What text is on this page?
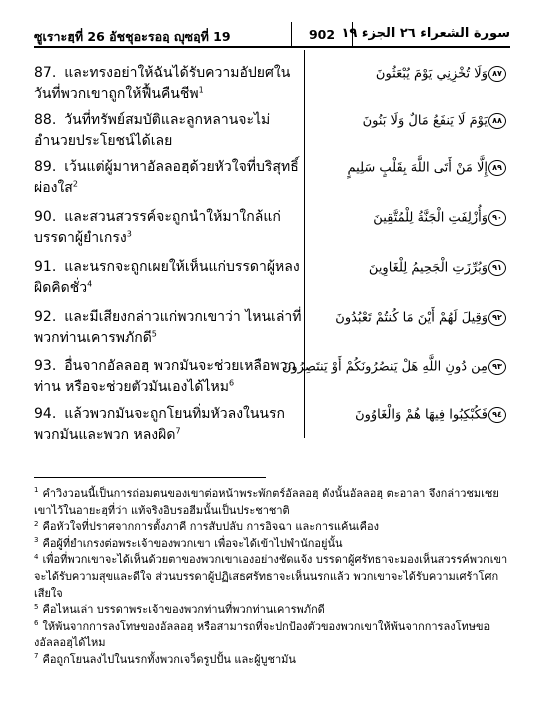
ซูเราะฮฺที่ 26 อัชชุอะรออฺ ญุซอฺที่ 19	902 سورة الشعراء ٢٦ الجزء ١٩
87. และทรงอย่าให้ฉันได้รับความอัปยศในวันที่พวกเขาถูกให้ฟื้นคืนชีพ$^1$
٨٧وَلَا تُخْزِنِي يَوْمَ يُبْعَثُونَ
88. วันที่ทรัพย์สมบัติและลูกหลานจะไม่อำนวยประโยชน์ได้เลย
٨٨يَوْمَ لَا يَنفَعُ مَالٌ وَلَا بَنُونَ
89. เว้นแต่ผู้มาหาอัลลอฮฺด้วยหัวใจที่บริสุทธิ์ผ่องใส$^2$
٨٩إِلَّا مَنْ أَتَى اللَّهَ بِقَلْبٍ سَلِيمٍ
90. และสวนสวรรค์จะถูกนำให้มาใกล้แก่บรรดาผู้ยำเกรง$^3$
٩٠وَأُزْلِفَتِ الْجَنَّةُ لِلْمُتَّقِينَ
91. และนรกจะถูกเผยให้เห็นแก่บรรดาผู้หลงผิดคิดชั่ว$^4$
٩١وَبُرِّزَتِ الْجَحِيمُ لِلْغَاوِينَ
92. และมีเสียงกล่าวแก่พวกเขาว่า ไหนเล่าที่พวกท่านเคารพภักดี$^5$
٩٢وَقِيلَ لَهُمْ أَيْنَ مَا كُنتُمْ تَعْبُدُونَ
93. อื่นจากอัลลอฮฺ พวกมันจะช่วยเหลือพวกท่าน หรือจะช่วยตัวมันเองได้ไหม$^6$
٩٣مِن دُونِ اللَّهِ هَلْ يَنصُرُونَكُمْ أَوْ يَنتَصِرُونَ
94. แล้วพวกมันจะถูกโยนทิ่มหัวลงในนรกพวกมันและพวก หลงผิด$^7$
٩٤فَكُبْكِبُوا فِيهَا هُمْ وَالْغَاوُونَ

$^1$ คำวิงวอนนี้เป็นการถ่อมตนของเขาต่อหน้าพระพักตร์อัลลอฮฺ ดังนั้นอัลลอฮฺ ตะอาลา จึงกล่าวชมเชยเขาไว้ในอายะฮฺที่ว่า แท้จริงอิบรอฮีมนั้นเป็นประชาชาติ

$^2$ คือหัวใจที่ปราศจากการตั้งภาคี การสับปลับ การอิจฉา และการแค้นเคือง

$^3$ คือผู้ที่ยำเกรงต่อพระเจ้าของพวกเขา เพื่อจะได้เข้าไปพำนักอยู่นั้น

$^4$ เพื่อที่พวกเขาจะได้เห็นด้วยตาของพวกเขาเองอย่างชัดแจ้ง บรรดาผู้ศรัทธาจะมองเห็นสวรรค์พวกเขาจะได้รับความสุขและดีใจ ส่วนบรรดาผู้ปฏิเสธศรัทธาจะเห็นนรกแล้ว พวกเขาจะได้รับความเศร้าโศกเสียใจ

$^5$ คือไหนเล่า บรรดาพระเจ้าของพวกท่านที่พวกท่านเคารพภักดี

$^6$ ให้พ้นจากการลงโทษของอัลลอฮฺ หรือสามารถที่จะปกป้องตัวของพวกเขาให้พ้นจากการลงโทษของอัลลอฮฺได้ไหม

$^7$ คือถูกโยนลงไปในนรกทั้งพวกเจว็ดรูปปั้น และผู้บูชามัน
